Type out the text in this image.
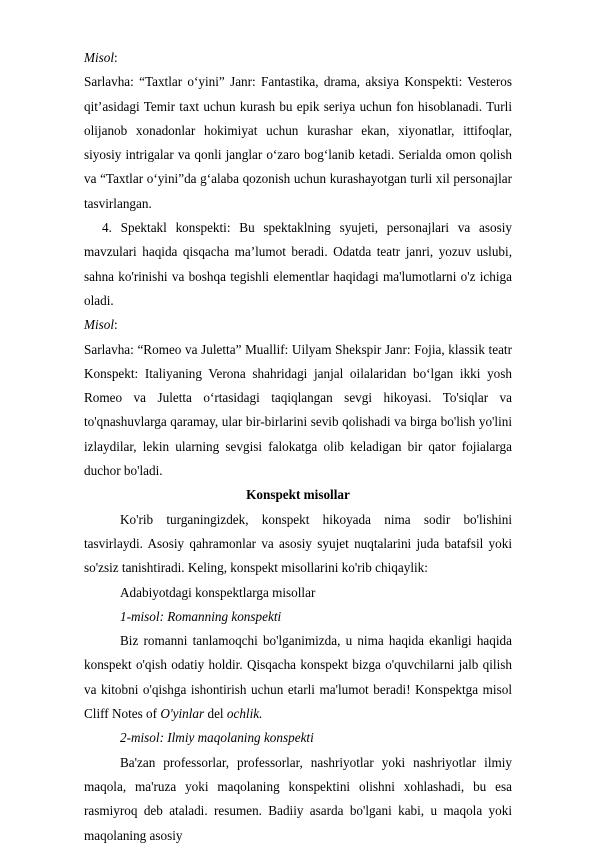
Misol:

Sarlavha: “Taxtlar o‘yini” Janr: Fantastika, drama, aksiya Konspekti: Vesteros qit’asidagi Temir taxt uchun kurash bu epik seriya uchun fon hisoblanadi. Turli olijanob xonadonlar hokimiyat uchun kurashar ekan, xiyonatlar, ittifoqlar, siyosiy intrigalar va qonli janglar o‘zaro bog‘lanib ketadi. Serialda omon qolish va “Taxtlar o‘yini”da g‘alaba qozonish uchun kurashayotgan turli xil personajlar tasvirlangan.

4. Spektakl konspekti: Bu spektaklning syujeti, personajlari va asosiy mavzulari haqida qisqacha ma’lumot beradi. Odatda teatr janri, yozuv uslubi, sahna ko'rinishi va boshqa tegishli elementlar haqidagi ma'lumotlarni o'z ichiga oladi.

Misol:

Sarlavha: “Romeo va Juletta” Muallif: Uilyam Shekspir Janr: Fojia, klassik teatr Konspekt: Italiyaning Verona shahridagi janjal oilalaridan bo‘lgan ikki yosh Romeo va Juletta o‘rtasidagi taqiqlangan sevgi hikoyasi. To'siqlar va to'qnashuvlarga qaramay, ular bir-birlarini sevib qolishadi va birga bo'lish yo'lini izlaydilar, lekin ularning sevgisi falokatga olib keladigan bir qator fojialarga duchor bo'ladi.

Konspekt misollar

Ko'rib turganingizdek, konspekt hikoyada nima sodir bo'lishini tasvirlaydi. Asosiy qahramonlar va asosiy syujet nuqtalarini juda batafsil yoki so'zsiz tanishtiradi. Keling, konspekt misollarini ko'rib chiqaylik:

Adabiyotdagi konspektlarga misollar

1-misol: Romanning konspekti

Biz romanni tanlamoqchi bo'lganimizda, u nima haqida ekanligi haqida konspekt o'qish odatiy holdir. Qisqacha konspekt bizga o'quvchilarni jalb qilish va kitobni o'qishga ishontirish uchun etarli ma'lumot beradi! Konspektga misol Cliff Notes of O'yinlar del ochlik.

2-misol: Ilmiy maqolaning konspekti

Ba'zan professorlar, professorlar, nashriyotlar yoki nashriyotlar ilmiy maqola, ma'ruza yoki maqolaning konspektini olishni xohlashadi, bu esa rasmiyroq deb ataladi. resumen. Badiiy asarda bo'lgani kabi, u maqola yoki maqolaning asosiy
